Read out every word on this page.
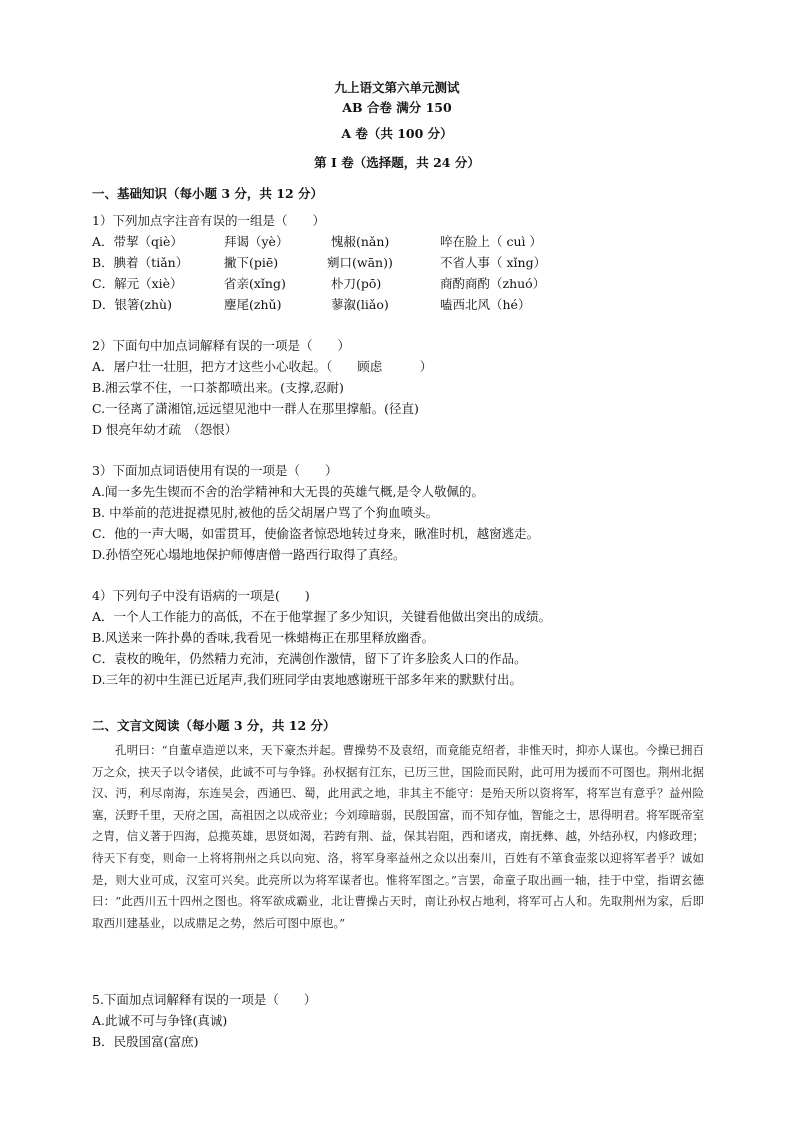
九上语文第六单元测试
AB 合卷 满分 150
A 卷（共 100 分）
第 I 卷（选择题，共 24 分）
一、基础知识（每小题 3 分，共 12 分）
1）下列加点字注音有误的一组是（　　）
A．带挈（qiè）	拜谒（yè）	愧赧(nǎn)	啐在脸上（ cuì ）
B．腆着（tiǎn）	撇下(piē)	剜口(wān))	不省人事（ xǐng）
C．解元（xiè）	省亲(xǐng)	朴刀(pō)	商酌商酌（zhuó）
D．银箸(zhù)	麈尾(zhǔ)	蓼溆(liǎo)	嗑西北风（hé）
2）下面句中加点词解释有误的一项是（　　）
A．屠户壮一壮胆，把方才这些小心收起。（　　顾虑　　　）
B.湘云掌不住，一口茶都喷出来。(支撑,忍耐)
C.一径离了潇湘馆,远远望见池中一群人在那里撑船。(径直)
D 恨亮年幼才疏　（怨恨）
3）下面加点词语使用有误的一项是（　　）
A.闻一多先生锲而不舍的治学精神和大无畏的英雄气概,是令人敬佩的。
B. 中举前的范进捉襟见肘,被他的岳父胡屠户骂了个狗血喷头。
C．他的一声大喝，如雷贯耳，使偷盗者惊恐地转过身来，瞅准时机，越窗逃走。
D.孙悟空死心塌地地保护师傅唐僧一路西行取得了真经。
4）下列句子中没有语病的一项是(　　)
A．一个人工作能力的高低，不在于他掌握了多少知识，关键看他做出突出的成绩。
B.风送来一阵扑鼻的香味,我看见一株蜡梅正在那里释放幽香。
C．袁枚的晚年，仍然精力充沛，充满创作激情，留下了许多脍炙人口的作品。
D.三年的初中生涯已近尾声,我们班同学由衷地感谢班干部多年来的默默付出。
二、文言文阅读（每小题 3 分，共 12 分）
孔明曰：“自董卓造逆以来，天下豪杰并起。曹操势不及袁绍，而竟能克绍者，非惟天时，抑亦人谋也。今操已拥百万之众，挟天子以令诸侯，此诚不可与争锋。孙权据有江东，已历三世，国险而民附，此可用为援而不可图也。荆州北据汉、沔，利尽南海，东连吴会，西通巴、蜀，此用武之地，非其主不能守：是殆天所以资将军，将军岂有意乎？益州险塞，沃野千里，天府之国，高祖因之以成帝业；今刘璋暗弱，民殷国富，而不知存恤，智能之士，思得明君。将军既帝室之胄，信义著于四海，总揽英雄，思贤如渴，若跨有荆、益，保其岩阻，西和诸戎，南抚彝、越，外结孙权，内修政理；待天下有变，则命一上将将荆州之兵以向宛、洛，将军身率益州之众以出秦川，百姓有不箪食壶浆以迎将军者乎？诚如是，则大业可成，汉室可兴矣。此亮所以为将军谋者也。惟将军图之。”言罢，命童子取出画一轴，挂于中堂，指谓玄德曰：“此西川五十四州之图也。将军欲成霸业，北让曹操占天时，南让孙权占地利，将军可占人和。先取荆州为家，后即取西川建基业，以成鼎足之势，然后可图中原也。”
5.下面加点词解释有误的一项是（　　）
A.此诚不可与争锋(真诚)
B．民殷国富(富庶)
